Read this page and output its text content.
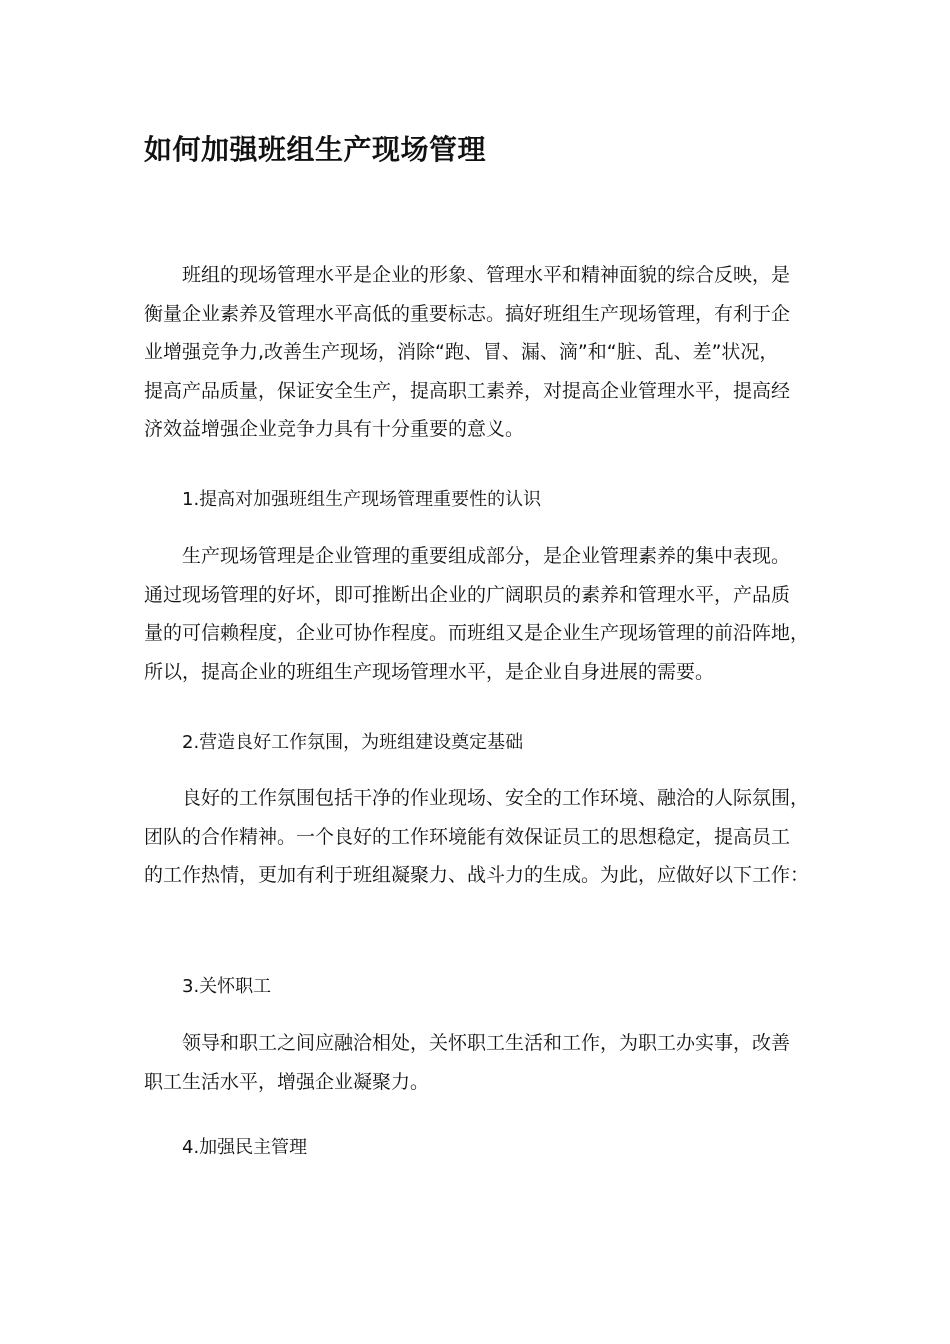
如何加强班组生产现场管理
班组的现场管理水平是企业的形象、管理水平和精神面貌的综合反映，是
衡量企业素养及管理水平高低的重要标志。搞好班组生产现场管理，有利于企
业增强竞争力,改善生产现场，消除“跑、冒、漏、滴”和“脏、乱、差”状况，
提高产品质量，保证安全生产，提高职工素养，对提高企业管理水平，提高经
济效益增强企业竞争力具有十分重要的意义。
1.提高对加强班组生产现场管理重要性的认识
生产现场管理是企业管理的重要组成部分，是企业管理素养的集中表现。
通过现场管理的好坏，即可推断出企业的广阔职员的素养和管理水平，产品质
量的可信赖程度，企业可协作程度。而班组又是企业生产现场管理的前沿阵地，
所以，提高企业的班组生产现场管理水平，是企业自身进展的需要。
2.营造良好工作氛围，为班组建设奠定基础
良好的工作氛围包括干净的作业现场、安全的工作环境、融洽的人际氛围，
团队的合作精神。一个良好的工作环境能有效保证员工的思想稳定，提高员工
的工作热情，更加有利于班组凝聚力、战斗力的生成。为此，应做好以下工作：
3.关怀职工
领导和职工之间应融洽相处，关怀职工生活和工作，为职工办实事，改善
职工生活水平，增强企业凝聚力。
4.加强民主管理
